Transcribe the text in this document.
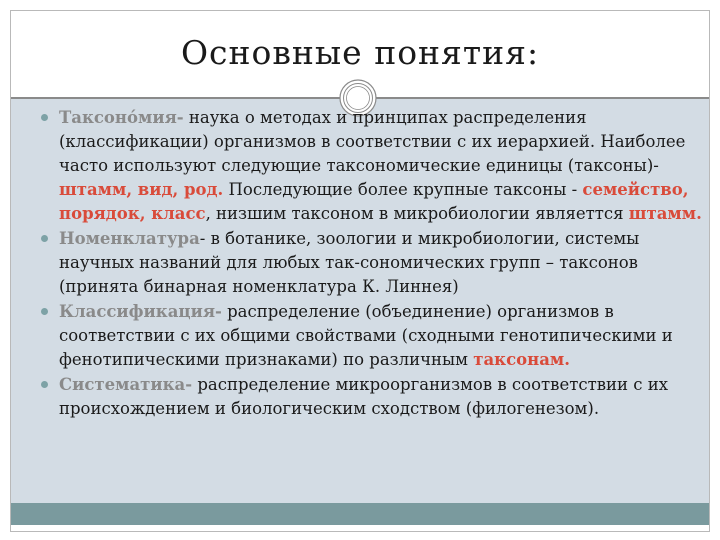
Основные понятия:
Таксоно́мия- наука о методах и принципах распределения (классификации) организмов в соответствии с их иерархией. Наиболее часто используют следующие таксономические единицы (таксоны)- штамм, вид, род. Последующие более крупные таксоны - семейство, порядок, класс, низшим таксоном в микробиологии являеттся штамм.
Номенклатура- в ботанике, зоологии и микробиологии, системы научных названий для любых так-сономических групп – таксонов (принята бинарная номенклатура К. Линнея)
Классификация- распределение (объединение) организмов в соответствии с их общими свойствами (сходными генотипическими и фенотипическими признаками) по различным таксонам.
Систематика- распределение микроорганизмов в соответствии с их происхождением и биологическим сходством (филогенезом).
